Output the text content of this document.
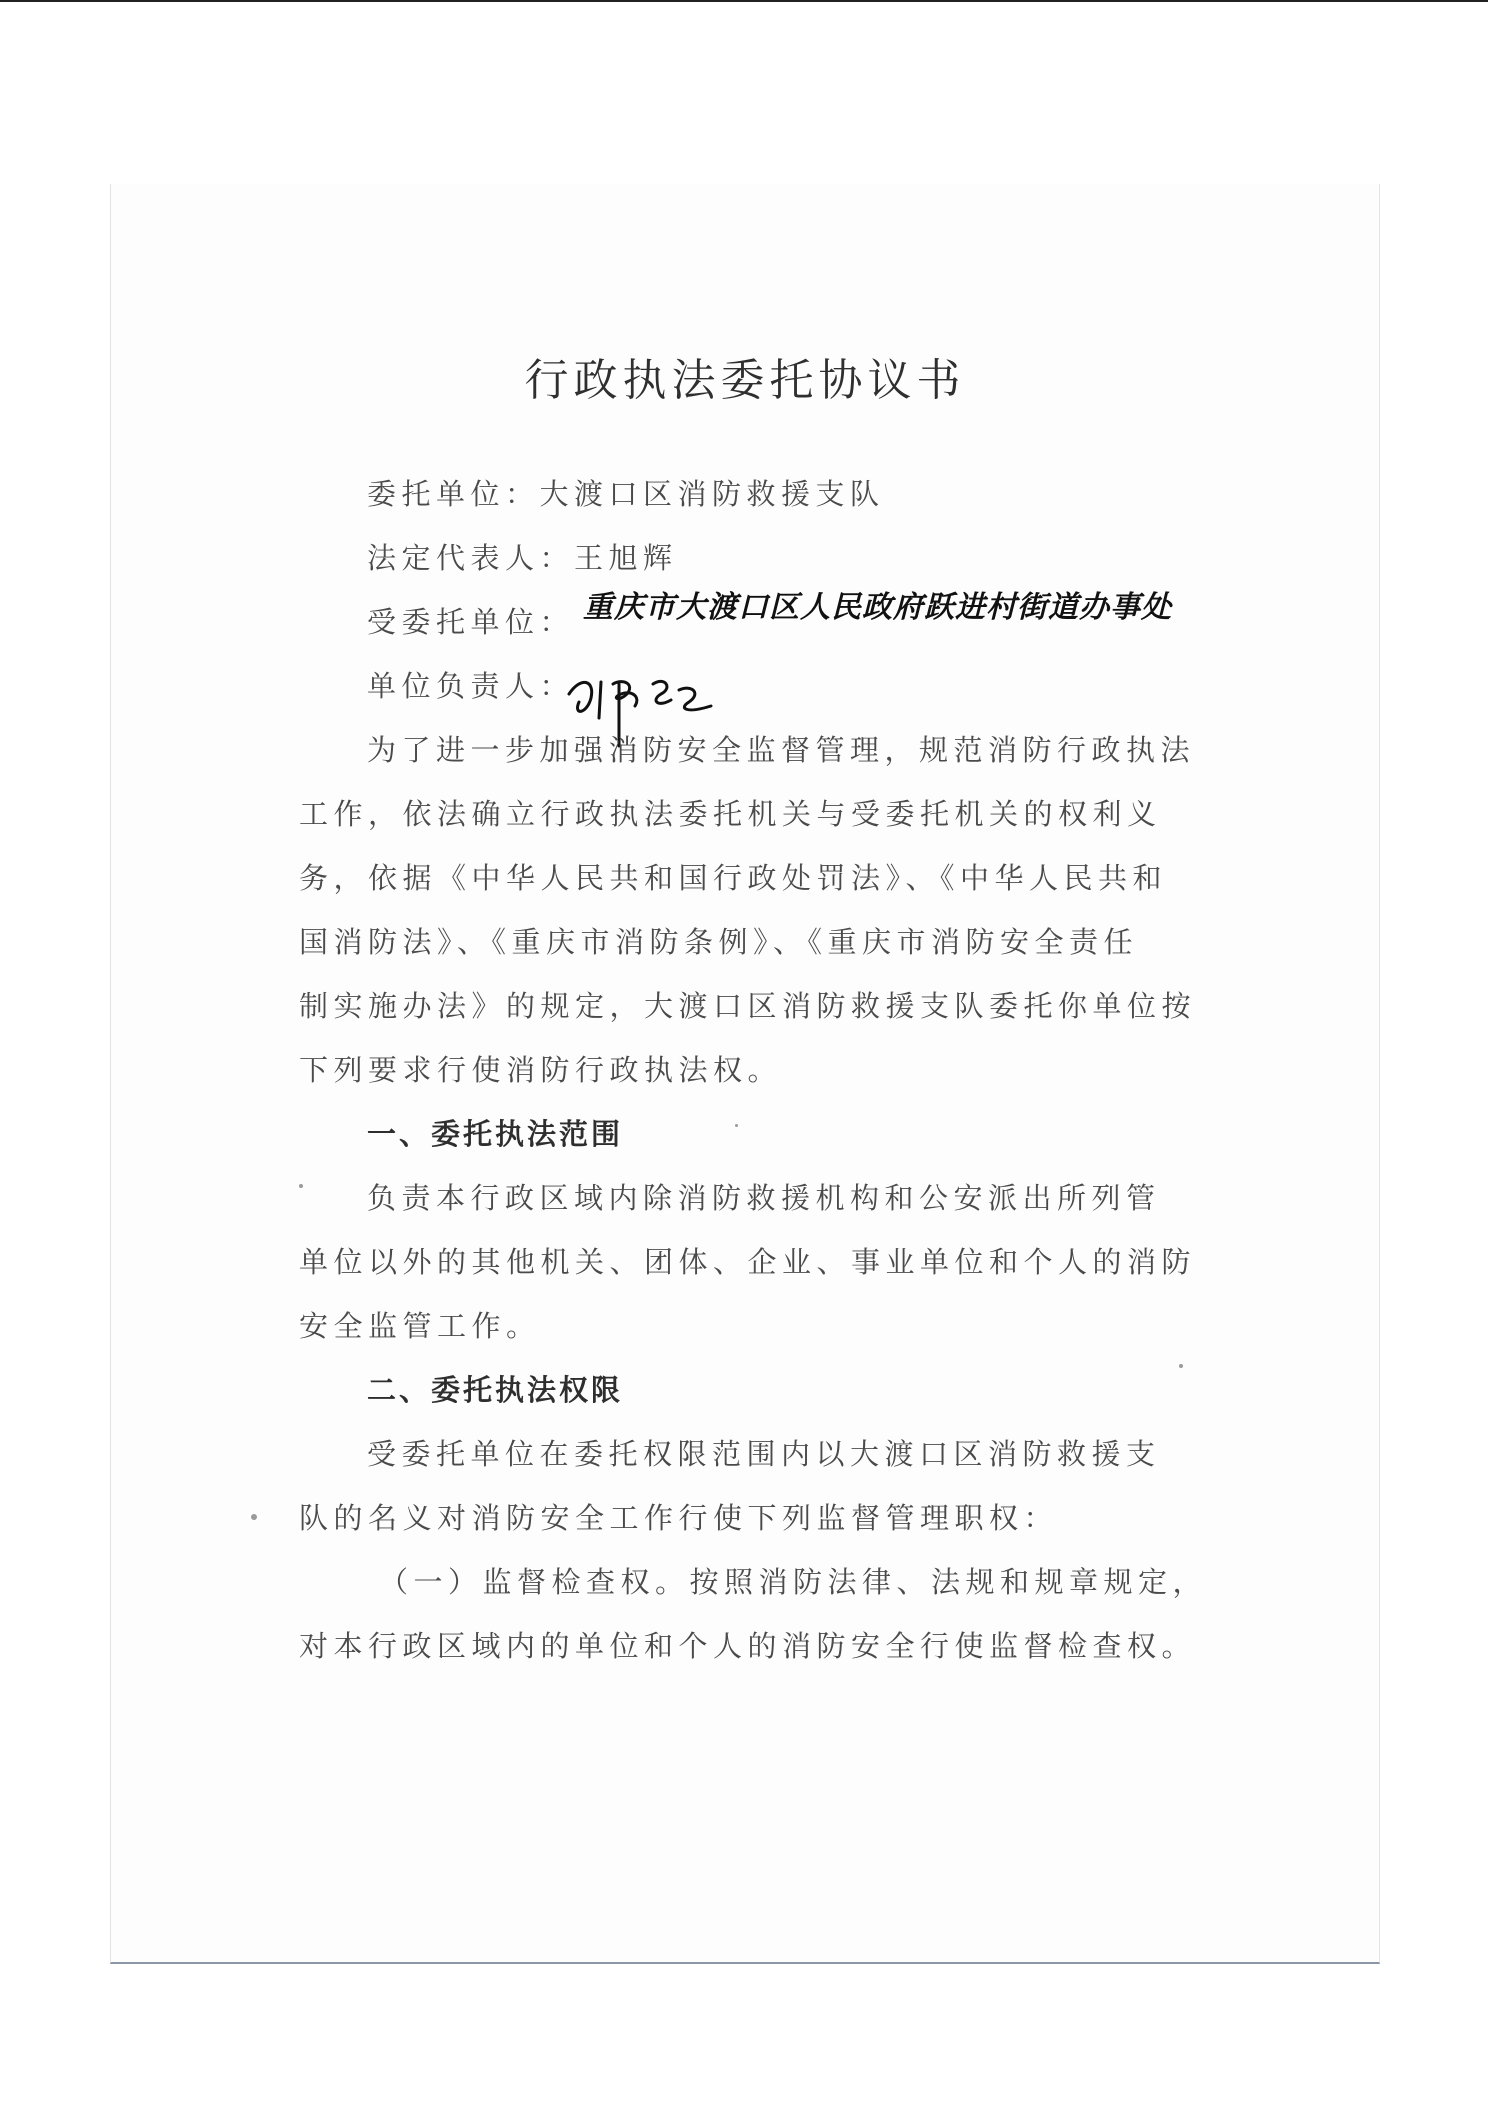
行政执法委托协议书
委托单位：大渡口区消防救援支队
法定代表人：王旭辉
受委托单位： 重庆市大渡口区人民政府跃进村街道办事处
单位负责人：
为了进一步加强消防安全监督管理，规范消防行政执法
工作，依法确立行政执法委托机关与受委托机关的权利义
务，依据《中华人民共和国行政处罚法》、《中华人民共和
国消防法》、《重庆市消防条例》、《重庆市消防安全责任
制实施办法》的规定，大渡口区消防救援支队委托你单位按
下列要求行使消防行政执法权。
一、委托执法范围
负责本行政区域内除消防救援机构和公安派出所列管
单位以外的其他机关、团体、企业、事业单位和个人的消防
安全监管工作。
二、委托执法权限
受委托单位在委托权限范围内以大渡口区消防救援支
队的名义对消防安全工作行使下列监督管理职权：
（一）监督检查权。按照消防法律、法规和规章规定，
对本行政区域内的单位和个人的消防安全行使监督检查权。
